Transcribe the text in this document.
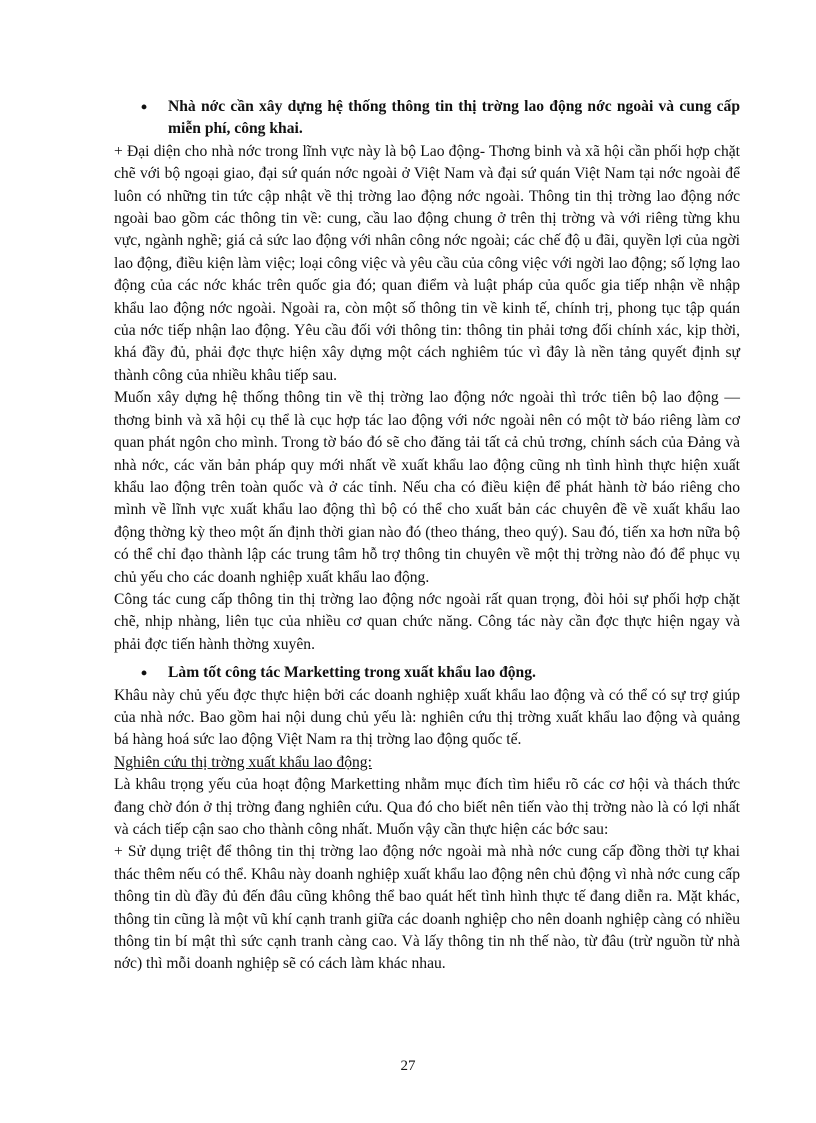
•	Nhà nớc cần xây dựng hệ thống thông tin thị trờng lao động nớc ngoài và cung cấp miễn phí, công khai.

+ Đại diện cho nhà nớc trong lĩnh vực này là bộ Lao động- Thơng binh và xã hội cần phối hợp chặt chẽ với bộ ngoại giao, đại sứ quán nớc ngoài ở Việt Nam và đại sứ quán Việt Nam tại nớc ngoài để luôn có những tin tức cập nhật về thị trờng lao động nớc ngoài. Thông tin thị trờng lao động nớc ngoài bao gồm các thông tin về: cung, cầu lao động chung ở trên thị trờng và với riêng từng khu vực, ngành nghề; giá cả sức lao động với nhân công nớc ngoài; các chế độ u đãi, quyền lợi của ngời lao động, điều kiện làm việc; loại công việc và yêu cầu của công việc với ngời lao động; số lợng lao động của các nớc khác trên quốc gia đó; quan điểm và luật pháp của quốc gia tiếp nhận về nhập khẩu lao động nớc ngoài. Ngoài ra, còn một số thông tin về kinh tế, chính trị, phong tục tập quán của nớc tiếp nhận lao động. Yêu cầu đối với thông tin: thông tin phải tơng đối chính xác, kịp thời, khá đầy đủ, phải đợc thực hiện xây dựng một cách nghiêm túc vì đây là nền tảng quyết định sự thành công của nhiều khâu tiếp sau.

Muốn xây dựng hệ thống thông tin về thị trờng lao động nớc ngoài thì trớc tiên bộ lao động — thơng binh và xã hội cụ thể là cục hợp tác lao động với nớc ngoài nên có một tờ báo riêng làm cơ quan phát ngôn cho mình. Trong tờ báo đó sẽ cho đăng tải tất cả chủ trơng, chính sách của Đảng và nhà nớc, các văn bản pháp quy mới nhất về xuất khẩu lao động cũng nh tình hình thực hiện xuất khẩu lao động trên toàn quốc và ở các tỉnh. Nếu cha có điều kiện để phát hành tờ báo riêng cho mình về lĩnh vực xuất khẩu lao động thì bộ có thể cho xuất bản các chuyên đề về xuất khẩu lao động thờng kỳ theo một ấn định thời gian nào đó (theo tháng, theo quý). Sau đó, tiến xa hơn nữa bộ có thể chỉ đạo thành lập các trung tâm hỗ trợ thông tin chuyên về một thị trờng nào đó để phục vụ chủ yếu cho các doanh nghiệp xuất khẩu lao động.

Công tác cung cấp thông tin thị trờng lao động nớc ngoài rất quan trọng, đòi hỏi sự phối hợp chặt chẽ, nhịp nhàng, liên tục của nhiều cơ quan chức năng. Công tác này cần đợc thực hiện ngay và phải đợc tiến hành thờng xuyên.

•	Làm tốt công tác Marketting trong xuất khẩu lao động.

Khâu này chủ yếu đợc thực hiện bởi các doanh nghiệp xuất khẩu lao động và có thể có sự trợ giúp của nhà nớc. Bao gồm hai nội dung chủ yếu là: nghiên cứu thị trờng xuất khẩu lao động và quảng bá hàng hoá sức lao động Việt Nam ra thị trờng lao động quốc tế.

Nghiên cứu thị trờng xuất khẩu lao động:

Là khâu trọng yếu của hoạt động Marketting nhằm mục đích tìm hiểu rõ các cơ hội và thách thức đang chờ đón ở thị trờng đang nghiên cứu. Qua đó cho biết nên tiến vào thị trờng nào là có lợi nhất và cách tiếp cận sao cho thành công nhất. Muốn vậy cần thực hiện các bớc sau:

+ Sử dụng triệt để thông tin thị trờng lao động nớc ngoài mà nhà nớc cung cấp đồng thời tự khai thác thêm nếu có thể. Khâu này doanh nghiệp xuất khẩu lao động nên chủ động vì nhà nớc cung cấp thông tin dù đầy đủ đến đâu cũng không thể bao quát hết tình hình thực tế đang diễn ra. Mặt khác, thông tin cũng là một vũ khí cạnh tranh giữa các doanh nghiệp cho nên doanh nghiệp càng có nhiều thông tin bí mật thì sức cạnh tranh càng cao. Và lấy thông tin nh thế nào, từ đâu (trừ nguồn từ nhà nớc) thì mỗi doanh nghiệp sẽ có cách làm khác nhau.

27
